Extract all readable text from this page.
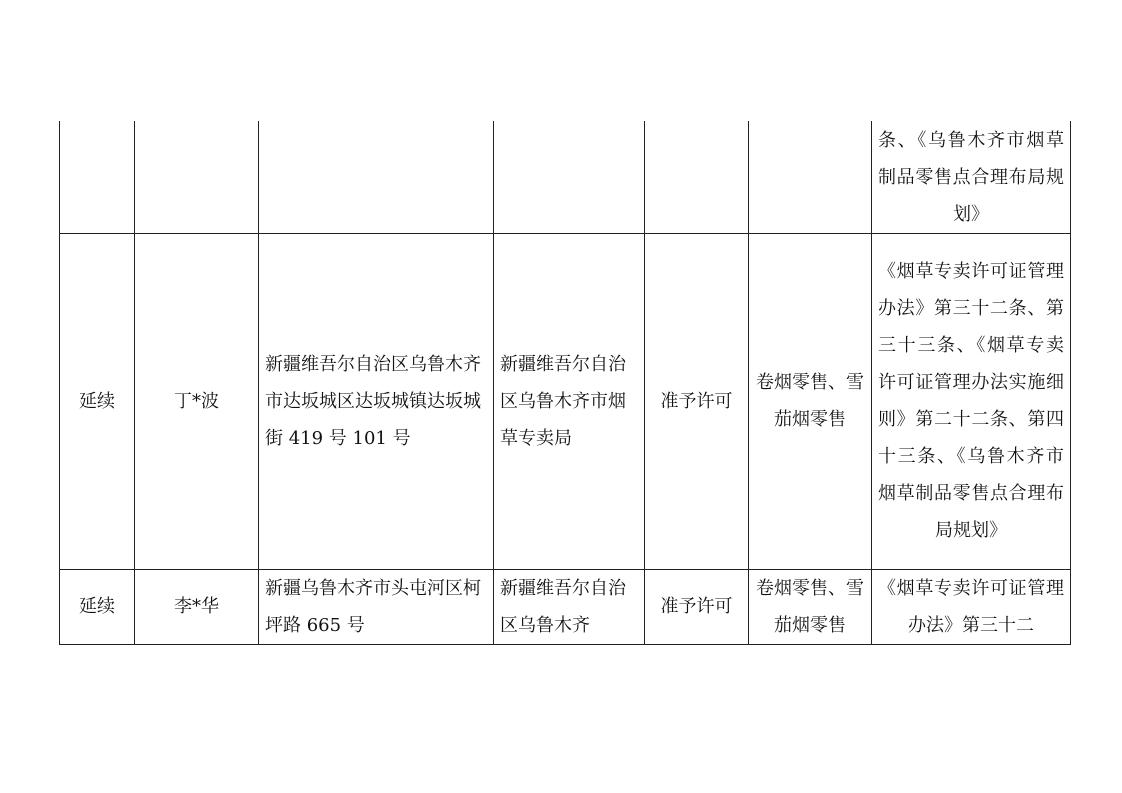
						条、《乌鲁木齐市烟草制品零售点合理布局规划》
延续	丁*波	新疆维吾尔自治区乌鲁木齐市达坂城区达坂城镇达坂城街 419 号 101 号	新疆维吾尔自治区乌鲁木齐市烟草专卖局	准予许可	卷烟零售、雪茄烟零售	《烟草专卖许可证管理办法》第三十二条、第三十三条、《烟草专卖许可证管理办法实施细则》第二十二条、第四十三条、《乌鲁木齐市烟草制品零售点合理布局规划》
延续	李*华	新疆乌鲁木齐市头屯河区柯坪路 665 号	新疆维吾尔自治区乌鲁木齐	准予许可	卷烟零售、雪茄烟零售	《烟草专卖许可证管理办法》第三十二
